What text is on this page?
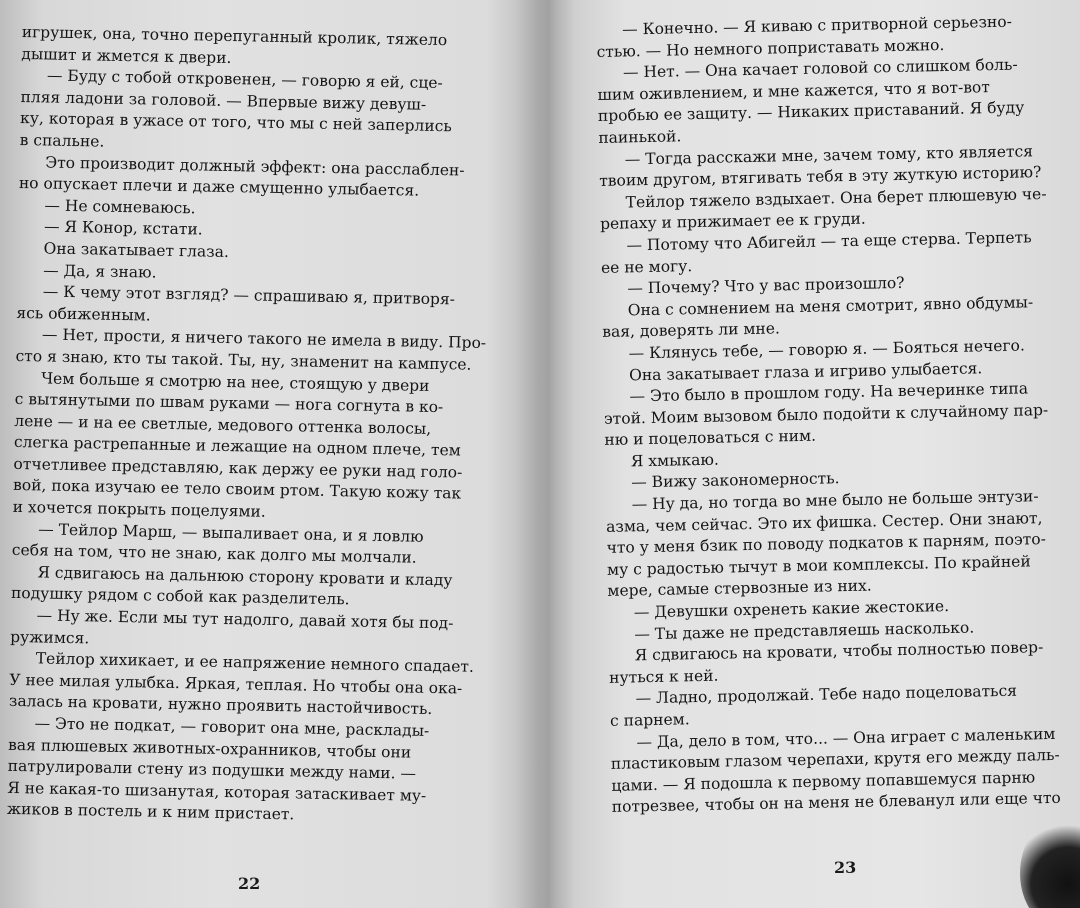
игрушек, она, точно перепуганный кролик, тяжело
дышит и жмется к двери.
— Буду с тобой откровенен, — говорю я ей, сце-
пляя ладони за головой. — Впервые вижу девуш-
ку, которая в ужасе от того, что мы с ней заперлись
в спальне.
Это производит должный эффект: она расслаблен-
но опускает плечи и даже смущенно улыбается.
— Не сомневаюсь.
— Я Конор, кстати.
Она закатывает глаза.
— Да, я знаю.
— К чему этот взгляд? — спрашиваю я, притворя-
ясь обиженным.
— Нет, прости, я ничего такого не имела в виду. Про-
сто я знаю, кто ты такой. Ты, ну, знаменит на кампусе.
Чем больше я смотрю на нее, стоящую у двери
с вытянутыми по швам руками — нога согнута в ко-
лене — и на ее светлые, медового оттенка волосы,
слегка растрепанные и лежащие на одном плече, тем
отчетливее представляю, как держу ее руки над голо-
вой, пока изучаю ее тело своим ртом. Такую кожу так
и хочется покрыть поцелуями.
— Тейлор Марш, — выпаливает она, и я ловлю
себя на том, что не знаю, как долго мы молчали.
Я сдвигаюсь на дальнюю сторону кровати и кладу
подушку рядом с собой как разделитель.
— Ну же. Если мы тут надолго, давай хотя бы под-
ружимся.
Тейлор хихикает, и ее напряжение немного спадает.
У нее милая улыбка. Яркая, теплая. Но чтобы она ока-
залась на кровати, нужно проявить настойчивость.
— Это не подкат, — говорит она мне, расклады-
вая плюшевых животных-охранников, чтобы они
патрулировали стену из подушки между нами. —
Я не какая-то шизанутая, которая затаскивает му-
жиков в постель и к ним пристает.
— Конечно. — Я киваю с притворной серьезно-
стью. — Но немного поприставать можно.
— Нет. — Она качает головой со слишком боль-
шим оживлением, и мне кажется, что я вот-вот
пробью ее защиту. — Никаких приставаний. Я буду
паинькой.
— Тогда расскажи мне, зачем тому, кто является
твоим другом, втягивать тебя в эту жуткую историю?
Тейлор тяжело вздыхает. Она берет плюшевую че-
репаху и прижимает ее к груди.
— Потому что Абигейл — та еще стерва. Терпеть
ее не могу.
— Почему? Что у вас произошло?
Она с сомнением на меня смотрит, явно обдумы-
вая, доверять ли мне.
— Клянусь тебе, — говорю я. — Бояться нечего.
Она закатывает глаза и игриво улыбается.
— Это было в прошлом году. На вечеринке типа
этой. Моим вызовом было подойти к случайному пар-
ню и поцеловаться с ним.
Я хмыкаю.
— Вижу закономерность.
— Ну да, но тогда во мне было не больше энтузи-
азма, чем сейчас. Это их фишка. Сестер. Они знают,
что у меня бзик по поводу подкатов к парням, поэто-
му с радостью тычут в мои комплексы. По крайней
мере, самые стервозные из них.
— Девушки охренеть какие жестокие.
— Ты даже не представляешь насколько.
Я сдвигаюсь на кровати, чтобы полностью повер-
нуться к ней.
— Ладно, продолжай. Тебе надо поцеловаться
с парнем.
— Да, дело в том, что... — Она играет с маленьким
пластиковым глазом черепахи, крутя его между паль-
цами. — Я подошла к первому попавшемуся парню
потрезвее, чтобы он на меня не блеванул или еще что
22
23
